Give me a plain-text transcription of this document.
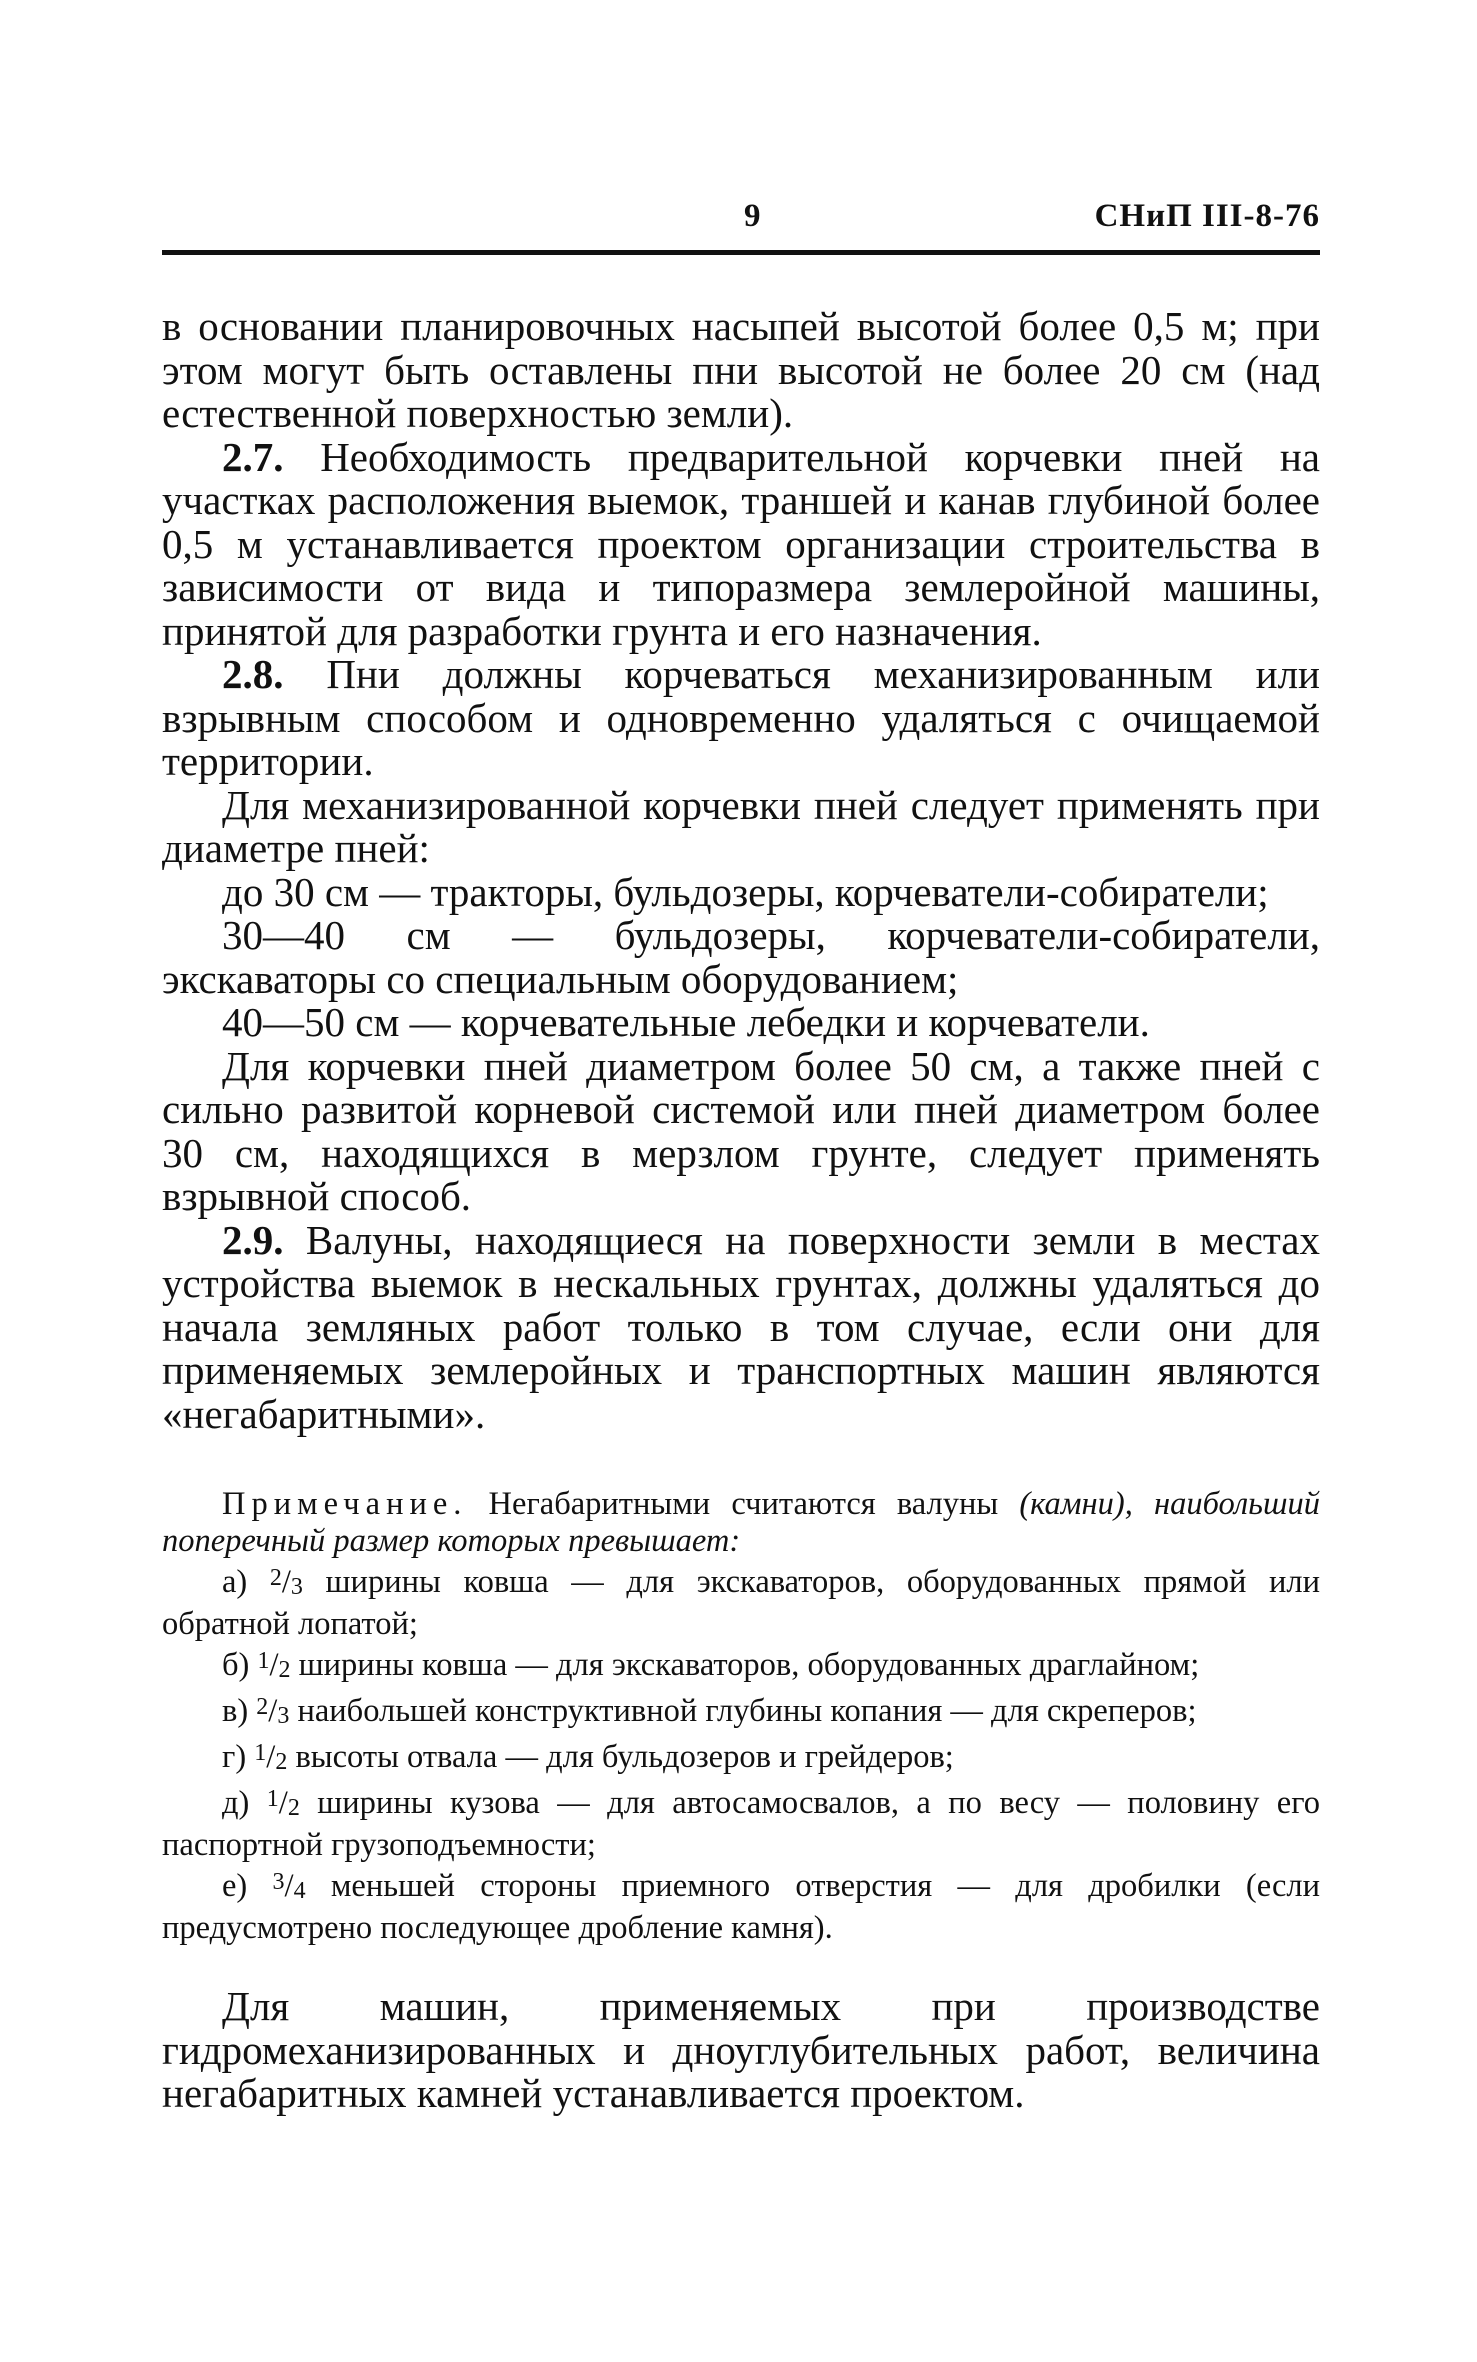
9	СНиП III-8-76

в основании планировочных насыпей высотой более 0,5 м; при этом могут быть оставлены пни высотой не более 20 см (над естественной поверхностью земли).

2.7. Необходимость предварительной корчевки пней на участках расположения выемок, траншей и канав глубиной более 0,5 м устанавливается проектом организации строительства в зависимости от вида и типоразмера землеройной машины, принятой для разработки грунта и его назначения.

2.8. Пни должны корчеваться механизированным или взрывным способом и одновременно удаляться с очищаемой территории.

Для механизированной корчевки пней следует применять при диаметре пней:

до 30 см — тракторы, бульдозеры, корчеватели-собиратели;

30—40 см — бульдозеры, корчеватели-собиратели, экскаваторы со специальным оборудованием;

40—50 см — корчевательные лебедки и корчеватели.

Для корчевки пней диаметром более 50 см, а также пней с сильно развитой корневой системой или пней диаметром более 30 см, находящихся в мерзлом грунте, следует применять взрывной способ.

2.9. Валуны, находящиеся на поверхности земли в местах устройства выемок в нескальных грунтах, должны удаляться до начала земляных работ только в том случае, если они для применяемых землеройных и транспортных машин являются «негабаритными».

Примечание. Негабаритными считаются валуны (камни), наибольший поперечный размер которых превышает:

а) $^2$/3 ширины ковша — для экскаваторов, оборудованных прямой или обратной лопатой;

б) $^1$/2 ширины ковша — для экскаваторов, оборудованных драглайном;

в) $^2$/3 наибольшей конструктивной глубины копания — для скреперов;

г) $^1$/2 высоты отвала — для бульдозеров и грейдеров;

д) $^1$/2 ширины кузова — для автосамосвалов, а по весу — половину его паспортной грузоподъемности;

е) $^3$/4 меньшей стороны приемного отверстия — для дробилки (если предусмотрено последующее дробление камня).

Для машин, применяемых при производстве гидромеханизированных и дноуглубительных работ, величина негабаритных камней устанавливается проектом.
